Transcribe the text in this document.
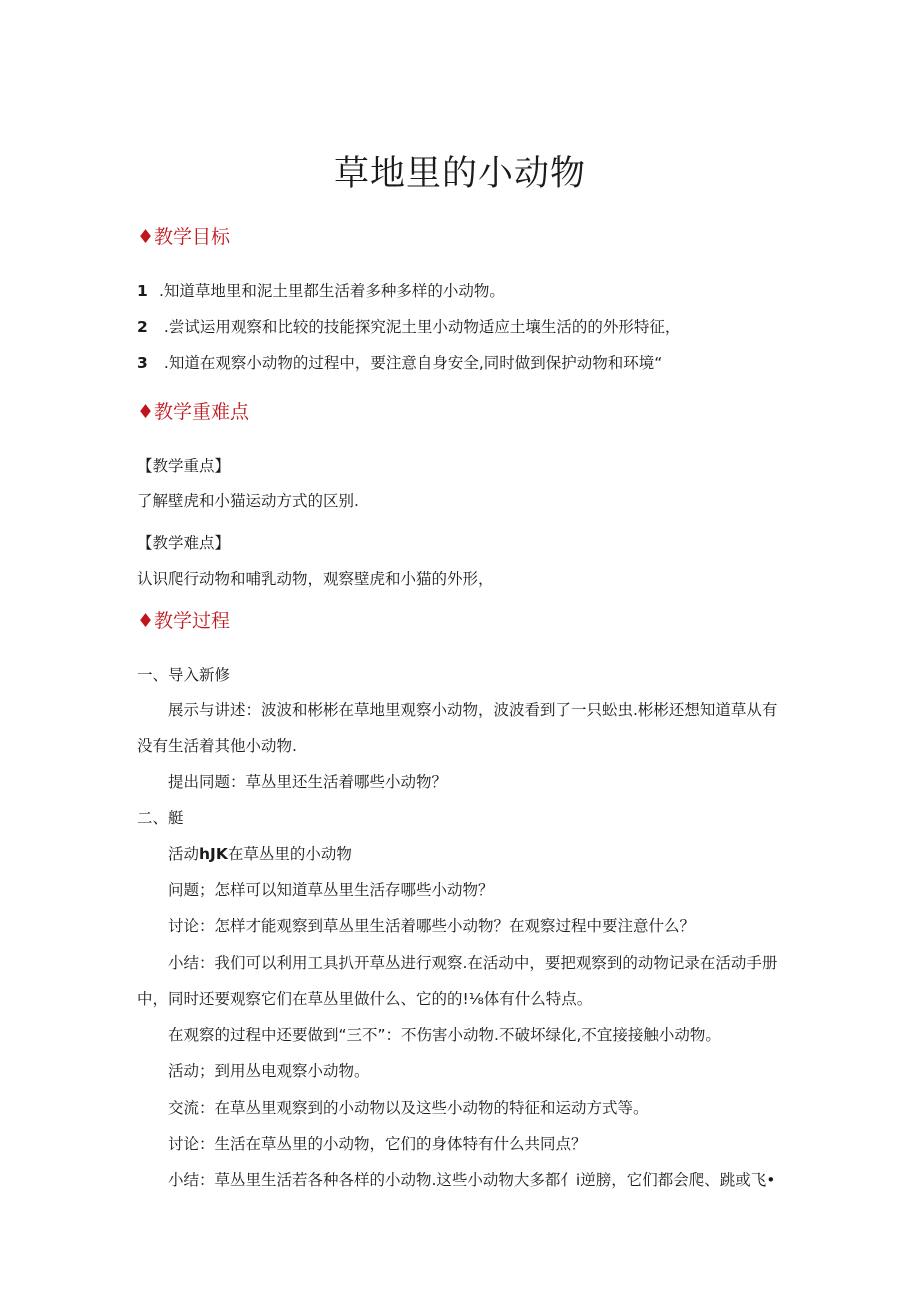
草地里的小动物
♦教学目标
1 .知道草地里和泥土里都生活着多种多样的小动物。
2 .尝试运用观察和比较的技能探究泥土里小动物适应土壤生活的的外形特征，
3 .知道在观察小动物的过程中，要注意自身安全,同时做到保护动物和环境“
♦教学重难点
【教学重点】
了解壁虎和小猫运动方式的区别.
【教学难点】
认识爬行动物和哺乳动物，观察壁虎和小猫的外形，
♦教学过程
一、导入新修
展示与讲述：波波和彬彬在草地里观察小动物，波波看到了一只蚣虫.彬彬还想知道草从有
没有生活着其他小动物.
提出同题：草丛里还生活着哪些小动物？
二、艇
活动hJK在草丛里的小动物
问题；怎样可以知道草丛里生活存哪些小动物？
讨论：怎样才能观察到草丛里生活着哪些小动物？在观察过程中要注意什么？
小结：我们可以利用工具扒开草丛进行观察.在活动中，要把观察到的动物记录在活动手册
中，同时还要观察它们在草丛里做什么、它的的!⅛体有什么特点。
在观察的过程中还要做到“三不”：不伤害小动物.不破坏绿化,不宜接接触小动物。
活动；到用丛电观察小动物。
交流：在草丛里观察到的小动物以及这些小动物的特征和运动方式等。
讨论：生活在草丛里的小动物，它们的身体特有什么共同点？
小结：草丛里生活若各种各样的小动物.这些小动物大多都亻i逆膀，它们都会爬、跳或飞•
